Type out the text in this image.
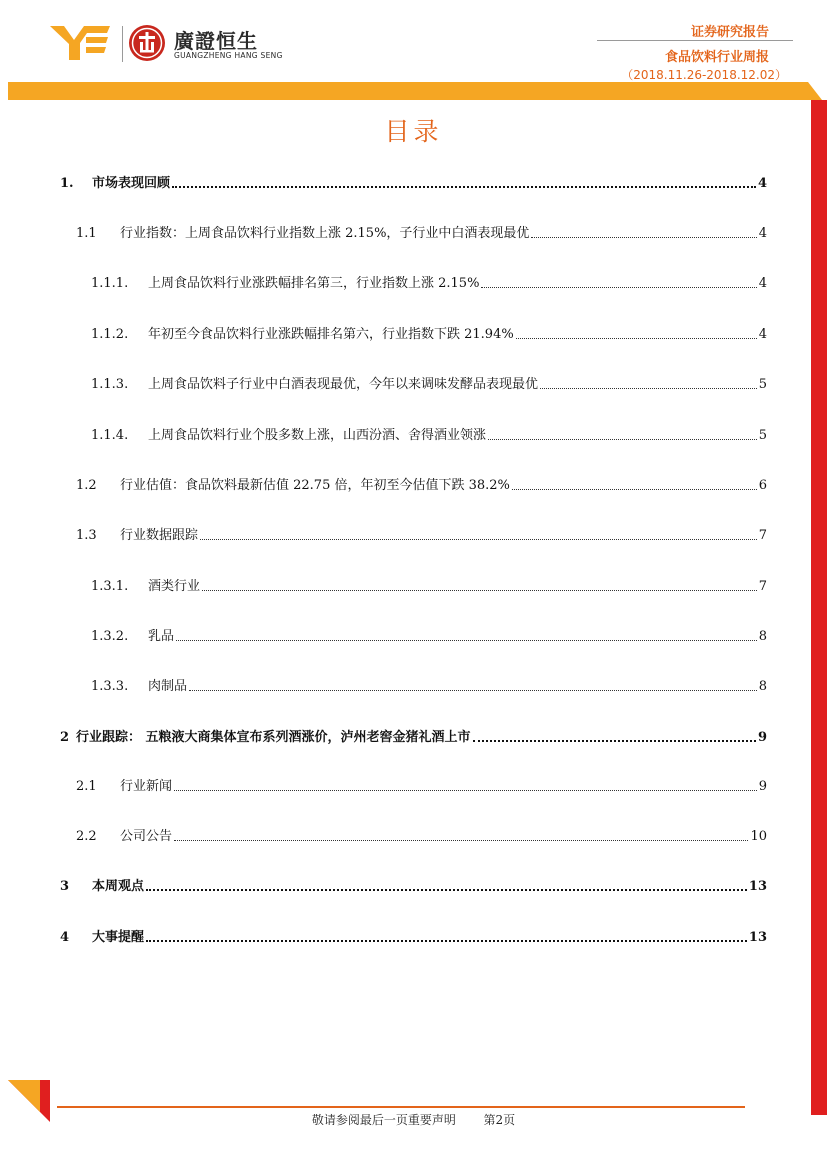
廣證恒生
GUANGZHENG HANG SENG
证券研究报告
食品饮料行业周报
（2018.11.26-2018.12.02）
目录
1.	市场表现回顾	4
1.1	行业指数：上周食品饮料行业指数上涨 2.15%，子行业中白酒表现最优	4
1.1.1.	上周食品饮料行业涨跌幅排名第三，行业指数上涨 2.15%	4
1.1.2.	年初至今食品饮料行业涨跌幅排名第六，行业指数下跌 21.94%	4
1.1.3.	上周食品饮料子行业中白酒表现最优，今年以来调味发酵品表现最优	5
1.1.4.	上周食品饮料行业个股多数上涨，山西汾酒、舍得酒业领涨	5
1.2	行业估值：食品饮料最新估值 22.75 倍，年初至今估值下跌 38.2%	6
1.3	行业数据跟踪	7
1.3.1.	酒类行业	7
1.3.2.	乳品	8
1.3.3.	肉制品	8
2 行业跟踪： 五粮液大商集体宣布系列酒涨价，泸州老窖金猪礼酒上市	9
2.1	行业新闻	9
2.2	公司公告	10
3	本周观点	13
4	大事提醒	13
敬请参阅最后一页重要声明 第2页
